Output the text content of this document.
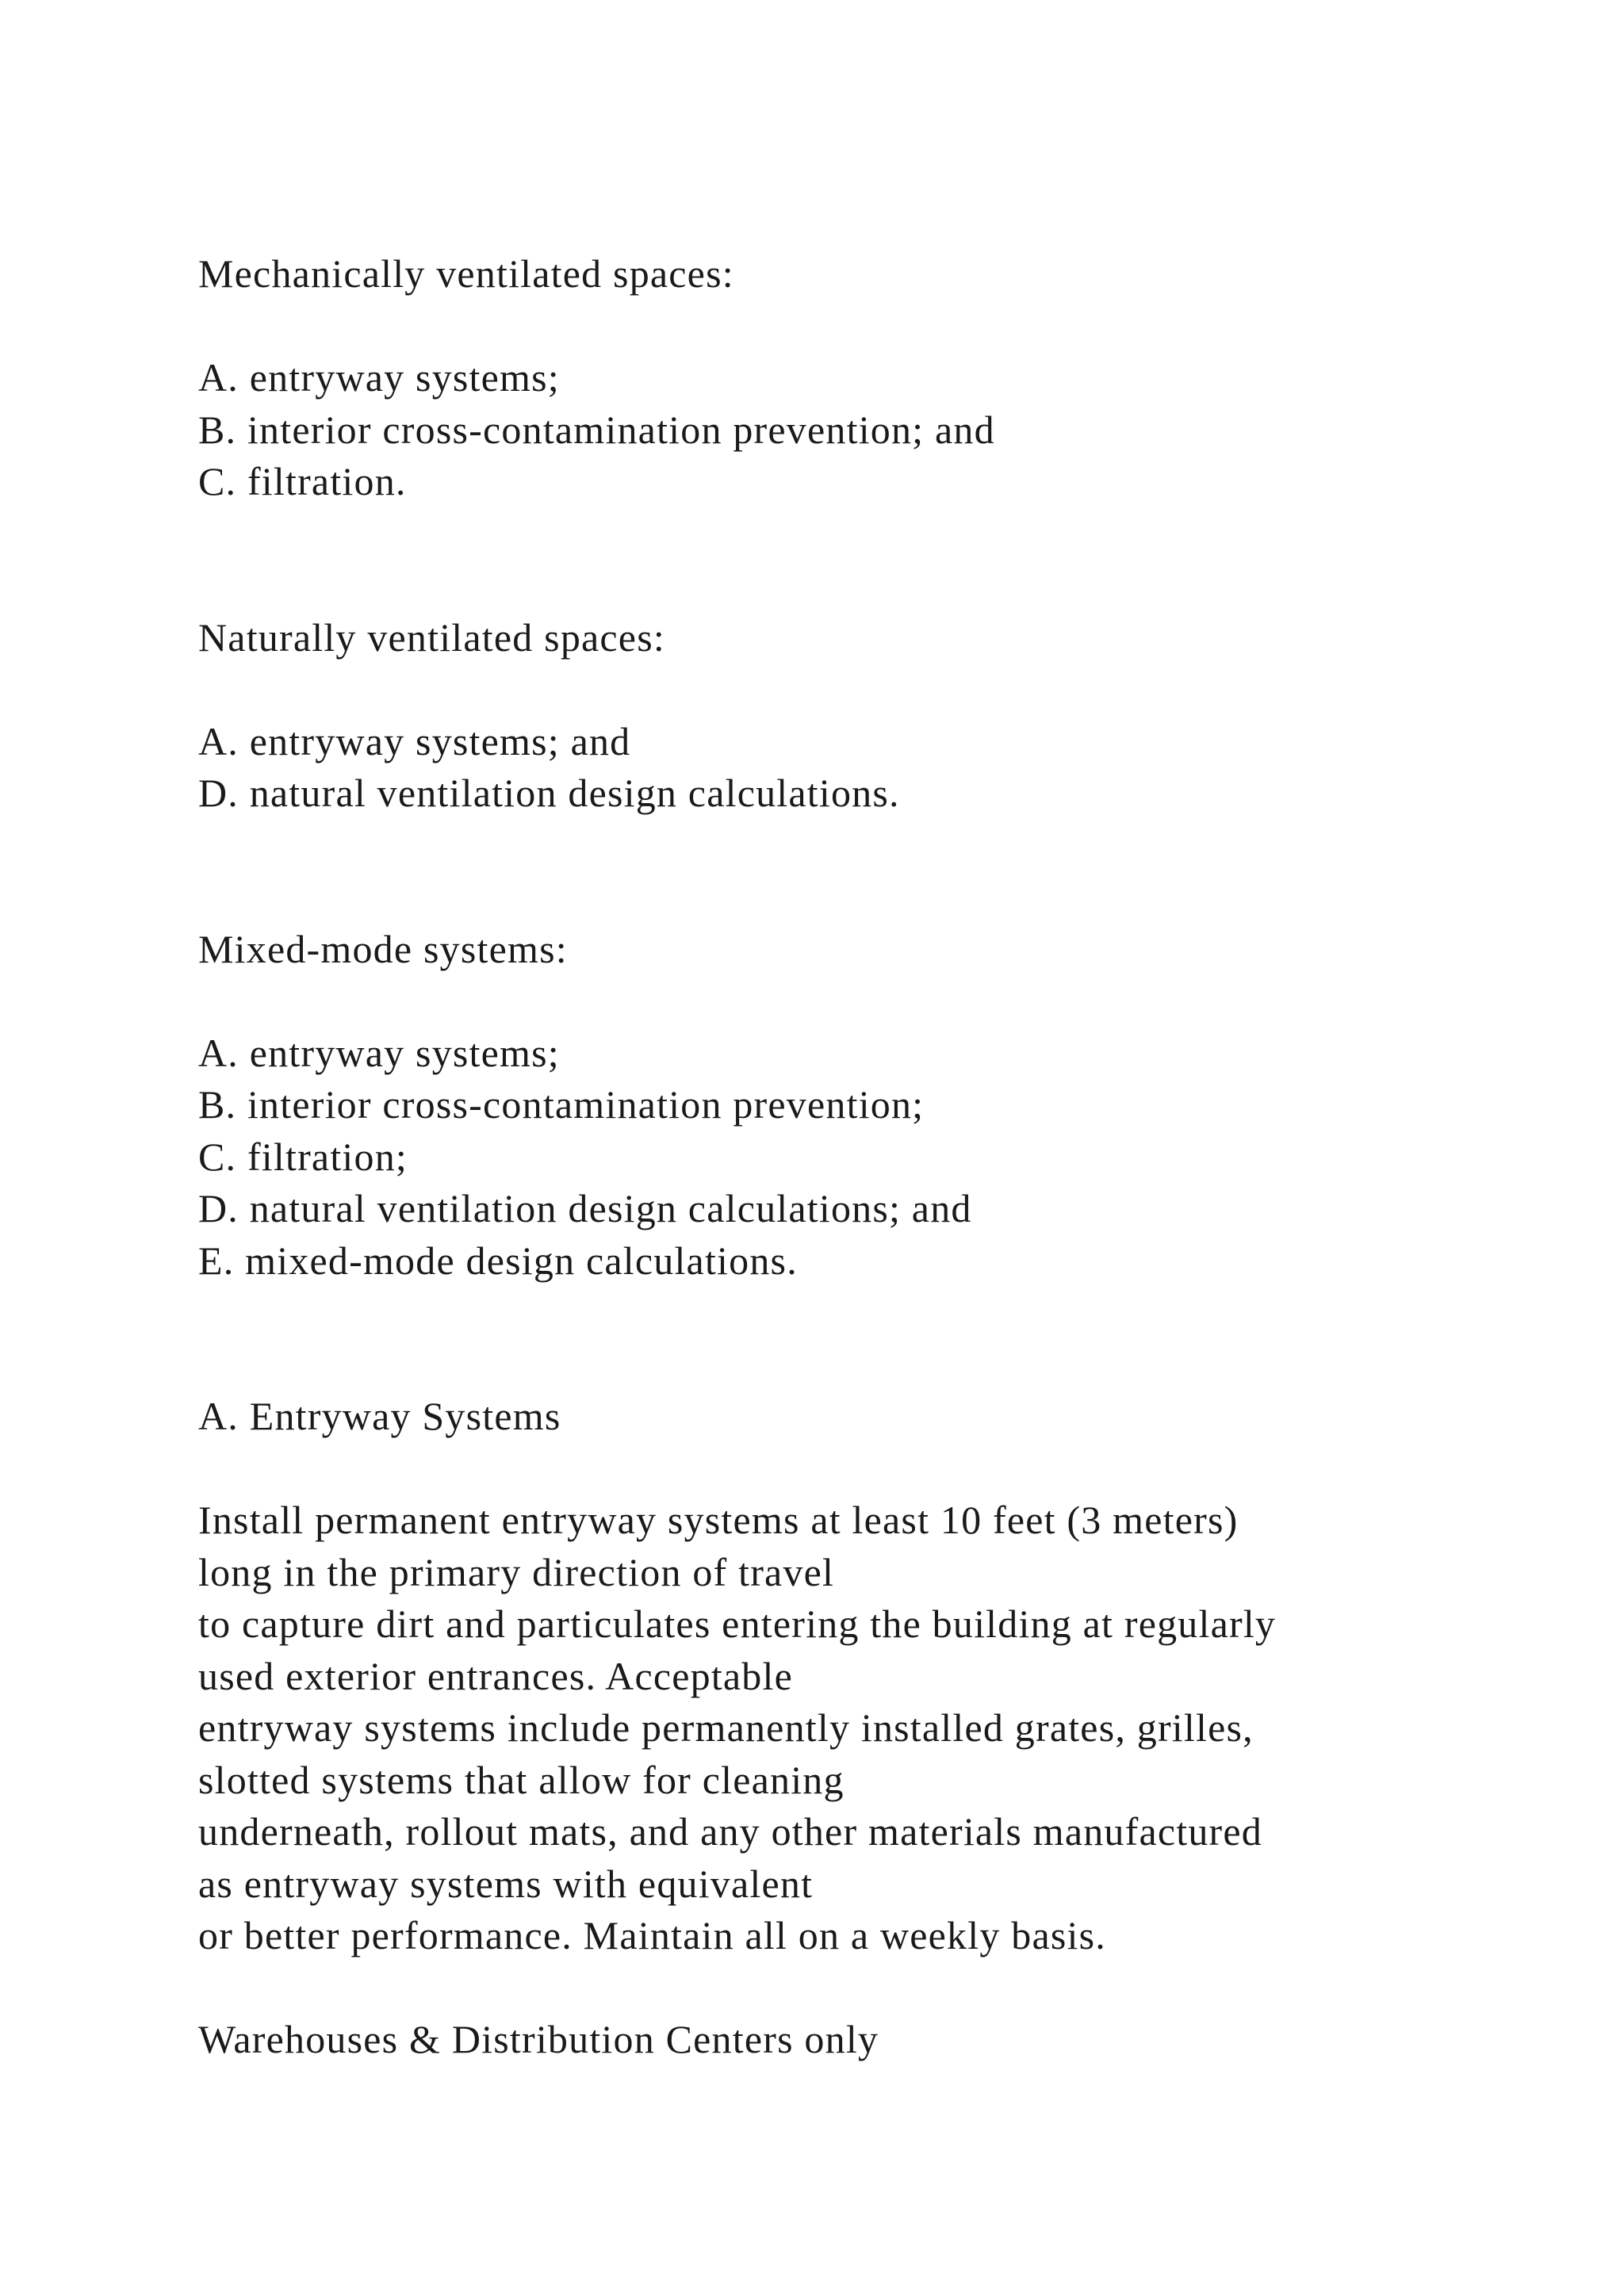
Mechanically ventilated spaces:
A. entryway systems;
B. interior cross-contamination prevention; and
C. filtration.
Naturally ventilated spaces:
A. entryway systems; and
D. natural ventilation design calculations.
Mixed-mode systems:
A. entryway systems;
B. interior cross-contamination prevention;
C. filtration;
D. natural ventilation design calculations; and
E. mixed-mode design calculations.
A. Entryway Systems
Install permanent entryway systems at least 10 feet (3 meters)
long in the primary direction of travel
to capture dirt and particulates entering the building at regularly
used exterior entrances. Acceptable
entryway systems include permanently installed grates, grilles,
slotted systems that allow for cleaning
underneath, rollout mats, and any other materials manufactured
as entryway systems with equivalent
or better performance. Maintain all on a weekly basis.
Warehouses & Distribution Centers only
